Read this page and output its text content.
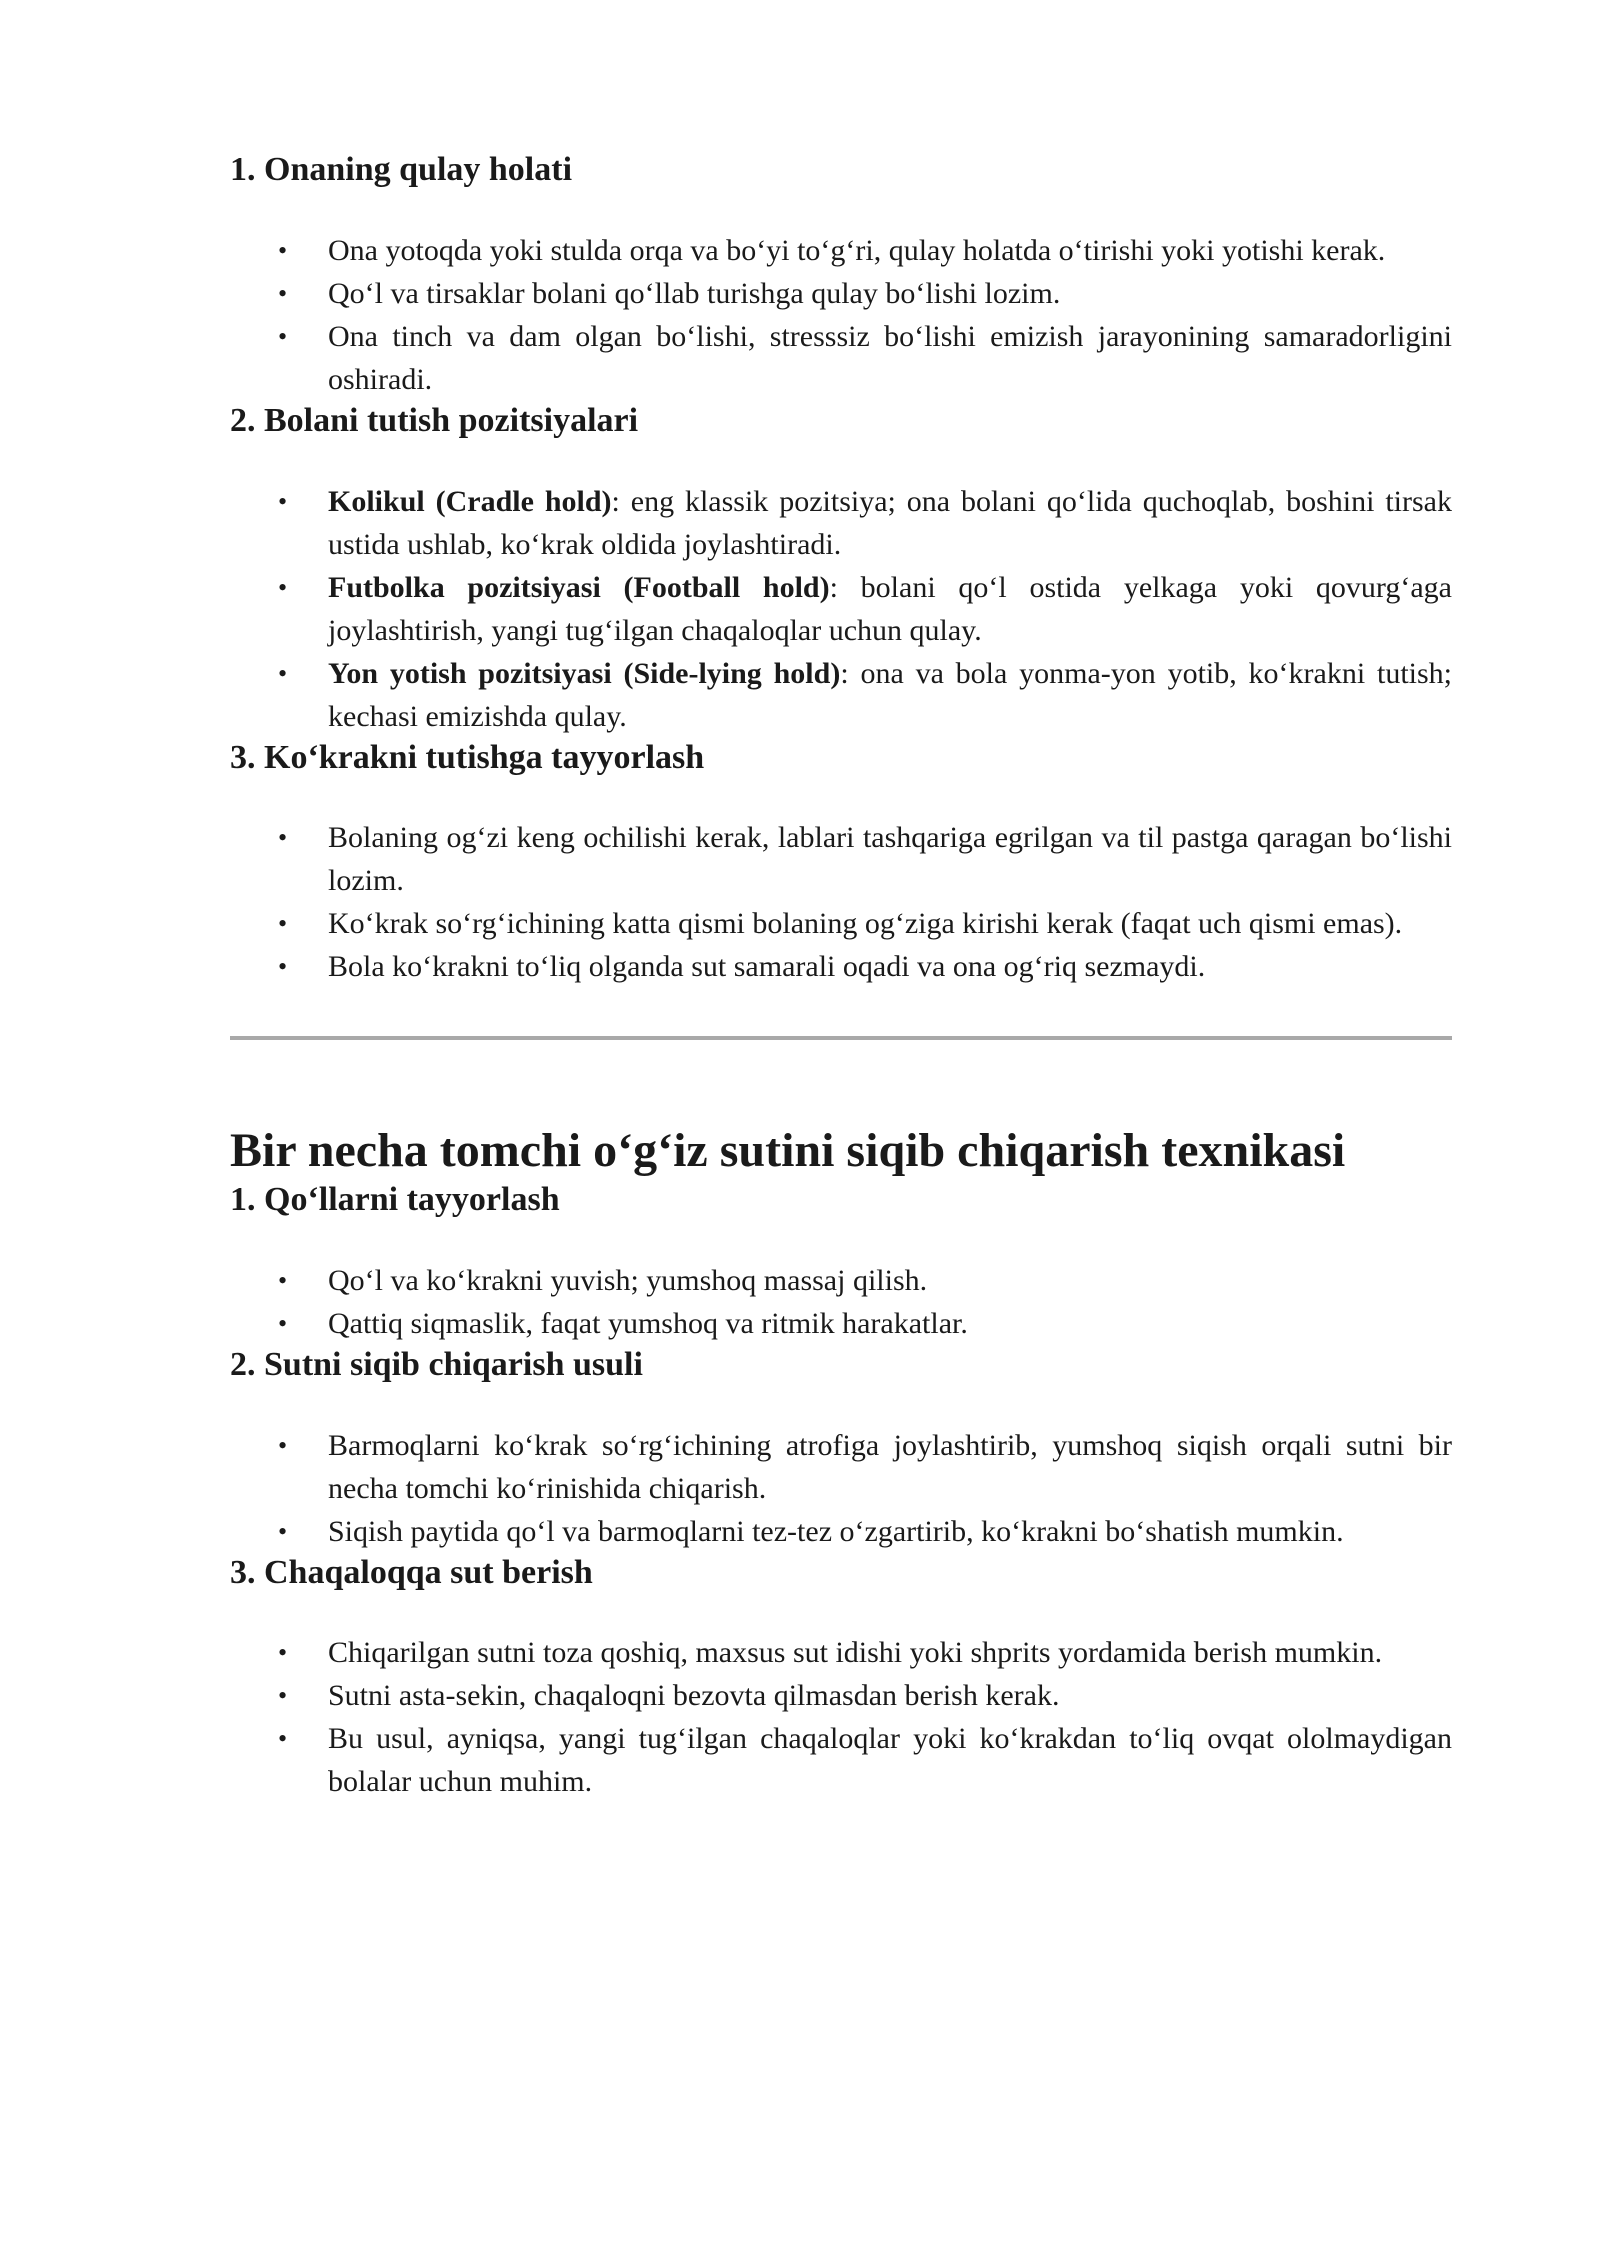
1. Onaning qulay holati
• Ona yotoqda yoki stulda orqa va bo‘yi to‘g‘ri, qulay holatda o‘tirishi yoki yotishi kerak.
• Qo‘l va tirsaklar bolani qo‘llab turishga qulay bo‘lishi lozim.
• Ona tinch va dam olgan bo‘lishi, stresssiz bo‘lishi emizish jarayonining samaradorligini oshiradi.
2. Bolani tutish pozitsiyalari
• Kolikul (Cradle hold): eng klassik pozitsiya; ona bolani qo‘lida quchoqlab, boshini tirsak ustida ushlab, ko‘krak oldida joylashtiradi.
• Futbolka pozitsiyasi (Football hold): bolani qo‘l ostida yelkaga yoki qovurg‘aga joylashtirish, yangi tug‘ilgan chaqaloqlar uchun qulay.
• Yon yotish pozitsiyasi (Side-lying hold): ona va bola yonma-yon yotib, ko‘krakni tutish; kechasi emizishda qulay.
3. Ko‘krakni tutishga tayyorlash
• Bolaning og‘zi keng ochilishi kerak, lablari tashqariga egrilgan va til pastga qaragan bo‘lishi lozim.
• Ko‘krak so‘rg‘ichining katta qismi bolaning og‘ziga kirishi kerak (faqat uch qismi emas).
• Bola ko‘krakni to‘liq olganda sut samarali oqadi va ona og‘riq sezmaydi.
Bir necha tomchi o‘g‘iz sutini siqib chiqarish texnikasi
1. Qo‘llarni tayyorlash
• Qo‘l va ko‘krakni yuvish; yumshoq massaj qilish.
• Qattiq siqmaslik, faqat yumshoq va ritmik harakatlar.
2. Sutni siqib chiqarish usuli
• Barmoqlarni ko‘krak so‘rg‘ichining atrofiga joylashtirib, yumshoq siqish orqali sutni bir necha tomchi ko‘rinishida chiqarish.
• Siqish paytida qo‘l va barmoqlarni tez-tez o‘zgartirib, ko‘krakni bo‘shatish mumkin.
3. Chaqaloqqa sut berish
• Chiqarilgan sutni toza qoshiq, maxsus sut idishi yoki shprits yordamida berish mumkin.
• Sutni asta-sekin, chaqaloqni bezovta qilmasdan berish kerak.
• Bu usul, ayniqsa, yangi tug‘ilgan chaqaloqlar yoki ko‘krakdan to‘liq ovqat ololmaydigan bolalar uchun muhim.
